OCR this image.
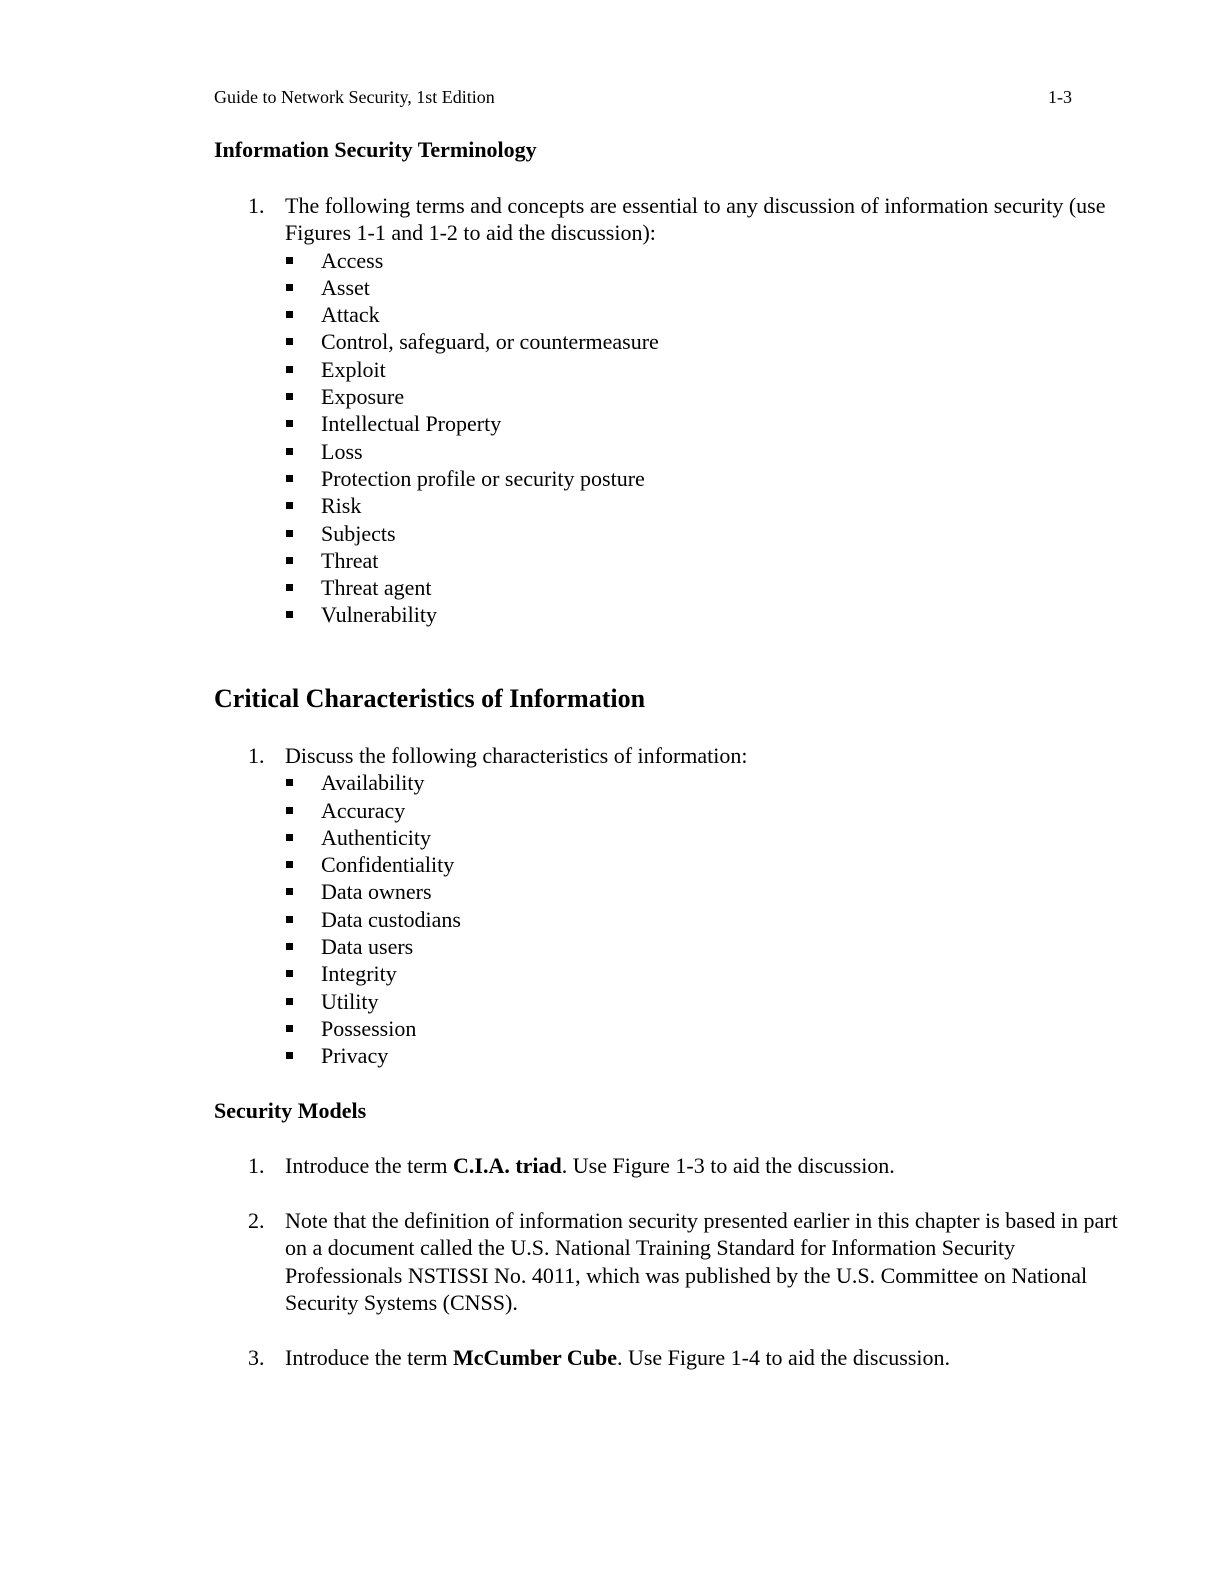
Guide to Network Security, 1st Edition	1-3
Information Security Terminology
1. The following terms and concepts are essential to any discussion of information security (use Figures 1-1 and 1-2 to aid the discussion):
Access
Asset
Attack
Control, safeguard, or countermeasure
Exploit
Exposure
Intellectual Property
Loss
Protection profile or security posture
Risk
Subjects
Threat
Threat agent
Vulnerability
Critical Characteristics of Information
1. Discuss the following characteristics of information:
Availability
Accuracy
Authenticity
Confidentiality
Data owners
Data custodians
Data users
Integrity
Utility
Possession
Privacy
Security Models
1. Introduce the term C.I.A. triad. Use Figure 1-3 to aid the discussion.
2. Note that the definition of information security presented earlier in this chapter is based in part on a document called the U.S. National Training Standard for Information Security Professionals NSTISSI No. 4011, which was published by the U.S. Committee on National Security Systems (CNSS).
3. Introduce the term McCumber Cube. Use Figure 1-4 to aid the discussion.
